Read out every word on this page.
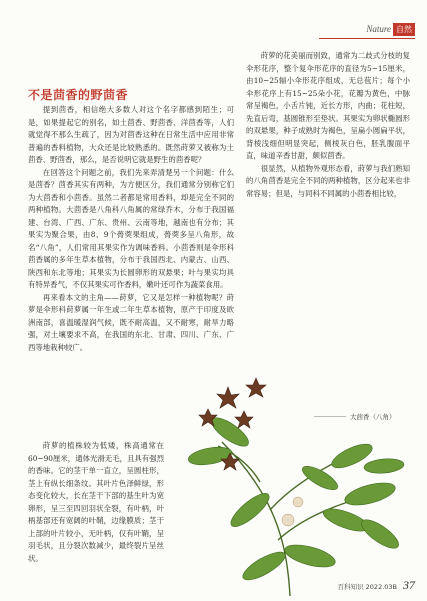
Nature 自然
不是茴香的野茴香

提到茴香，相信绝大多数人对这个名字都感到陌生；可是，如果提起它的别名，如土茴香、野茴香、洋茴香等，人们就觉得不那么生疏了，因为对茴香这种在日常生活中应用非常普遍的香料植物，大众还是比较熟悉的。既然莳萝又被称为土茴香、野茴香，那么，是否说明它就是野生的茴香呢？

在回答这个问题之前，我们先来弄清楚另一个问题：什么是茴香？茴香其实有两种，为方便区分，我们通常分别称它们为大茴香和小茴香。虽然二者都是常用香料，却是完全不同的两种植物。大茴香是八角科八角属的常绿乔木，分布于我国福建、台湾、广西、广东、贵州、云南等地，越南也有分布；其果实为聚合果，由8、9个蓇葖果组成，蓇葖多呈八角形，故名“八角”，人们常用其果实作为调味香料。小茴香则是伞形科茴香属的多年生草本植物，分布于我国西北、内蒙古、山西、陕西和东北等地；其果实为长圆卵形的双悬果；叶与果实均具有特异香气，不仅其果实可作香料，嫩叶还可作为蔬菜食用。

再来看本文的主角——莳萝，它又是怎样一种植物呢？莳萝是伞形科莳萝属一年生或二年生草本植物，原产于印度及欧洲南部，喜温暖湿润气候，既不耐高温，又不耐寒，耐旱力略强，对土壤要求不高，在我国的东北、甘肃、四川、广东、广西等地栽种较广。

莳萝的植株较为低矮，株高通常在60~90厘米，通体光滑无毛，且具有强烈的香味。它的茎干单一直立，呈圆柱形，茎上有纵长细条纹。其叶片色泽鲜绿，形态变化较大，长在茎干下部的基生叶为宽卵形，呈三至四回羽状全裂，有叶柄，叶柄基部还有宽阔的叶鞘，边缘膜质；茎干上部的叶片较小，无叶柄，仅有叶鞘，呈羽毛状，且分裂次数减少，最终裂片呈丝状。

莳萝的花美丽而别致，通常为二歧式分枝的复伞形花序，整个复伞形花序的直径为5~15厘米，由10~25辐小伞形花序组成，无总苞片；每个小伞形花序上有15~25朵小花，花瓣为黄色，中脉常呈褐色，小舌片钝，近长方形，内曲；花柱短，先直后弯，基圆锥形至垫状。其果实为卵状椭圆形的双悬果，种子成熟时为褐色，呈扁小圆扁平状，背棱浅细但明显突起，侧棱灰白色，胚乳腹面平直，味道辛香甘甜，颇似茴香。

很显然，从植物外观形态看，莳萝与我们熟知的八角茴香是完全不同的两种植物，区分起来也非常容易；但是，与同科不同属的小茴香相比较，

大茴香（八角）
百科知识 2022.03B 37
